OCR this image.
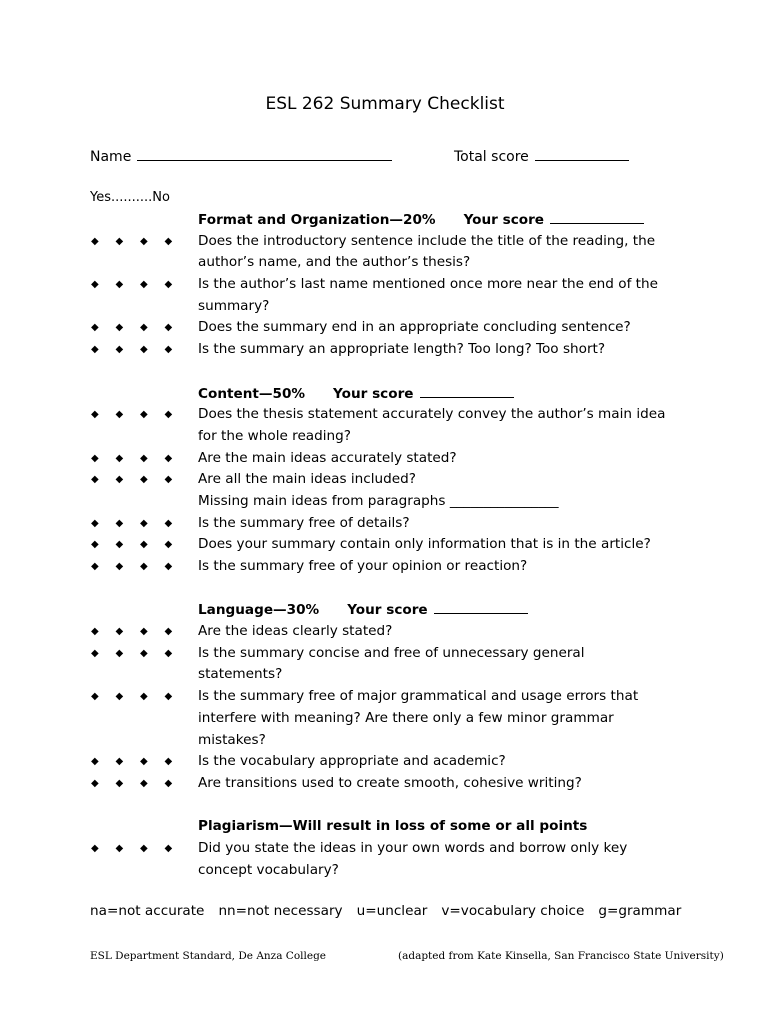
ESL 262 Summary Checklist
Name	Total score
Yes..........No
Format and Organization—20% Your score
◆	◆	◆	◆	Does the introductory sentence include the title of the reading, the
author’s name, and the author’s thesis?
◆	◆	◆	◆	Is the author’s last name mentioned once more near the end of the
summary?
◆	◆	◆	◆	Does the summary end in an appropriate concluding sentence?
◆	◆	◆	◆	Is the summary an appropriate length? Too long? Too short?
Content—50% Your score
◆	◆	◆	◆	Does the thesis statement accurately convey the author’s main idea
for the whole reading?
◆	◆	◆	◆	Are the main ideas accurately stated?
◆	◆	◆	◆	Are all the main ideas included?
Missing main ideas from paragraphs ________________
◆	◆	◆	◆	Is the summary free of details?
◆	◆	◆	◆	Does your summary contain only information that is in the article?
◆	◆	◆	◆	Is the summary free of your opinion or reaction?
Language—30% Your score
◆	◆	◆	◆	Are the ideas clearly stated?
◆	◆	◆	◆	Is the summary concise and free of unnecessary general
statements?
◆	◆	◆	◆	Is the summary free of major grammatical and usage errors that
interfere with meaning? Are there only a few minor grammar
mistakes?
◆	◆	◆	◆	Is the vocabulary appropriate and academic?
◆	◆	◆	◆	Are transitions used to create smooth, cohesive writing?
Plagiarism—Will result in loss of some or all points
◆	◆	◆	◆	Did you state the ideas in your own words and borrow only key
concept vocabulary?
na=not accurate nn=not necessary u=unclear v=vocabulary choice g=grammar
ESL Department Standard, De Anza College	(adapted from Kate Kinsella, San Francisco State University)
